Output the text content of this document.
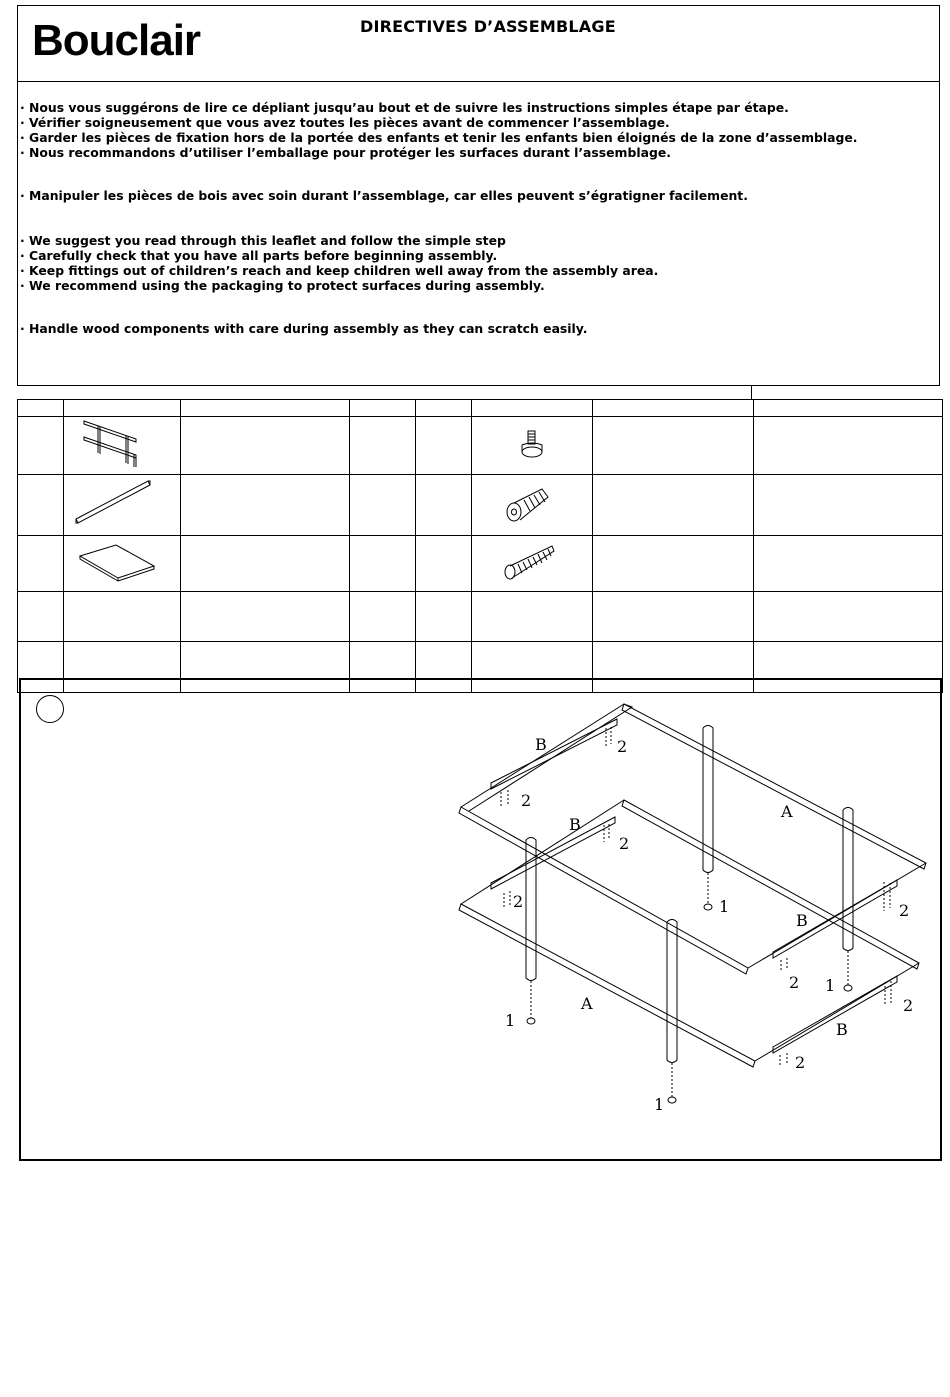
Bouclair	DIRECTIVES D’ASSEMBLAGE
· Nous vous suggérons de lire ce dépliant jusqu’au bout et de suivre les instructions simples étape par étape.
· Vérifier soigneusement que vous avez toutes les pièces avant de commencer l’assemblage.
· Garder les pièces de fixation hors de la portée des enfants et tenir les enfants bien éloignés de la zone d’assemblage.
· Nous recommandons d’utiliser l’emballage pour protéger les surfaces durant l’assemblage.
· Manipuler les pièces de bois avec soin durant l’assemblage, car elles peuvent s’égratigner facilement.
· We suggest you read through this leaflet and follow the simple step
· Carefully check that you have all parts before beginning assembly.
· Keep fittings out of children’s reach and keep children well away from the assembly area.
· We recommend using the packaging to protect surfaces during assembly.
· Handle wood components with care during assembly as they can scratch easily.

B	2
2
A
B
2
2	1	2
B
2 1
2
A
1	B
2
1
